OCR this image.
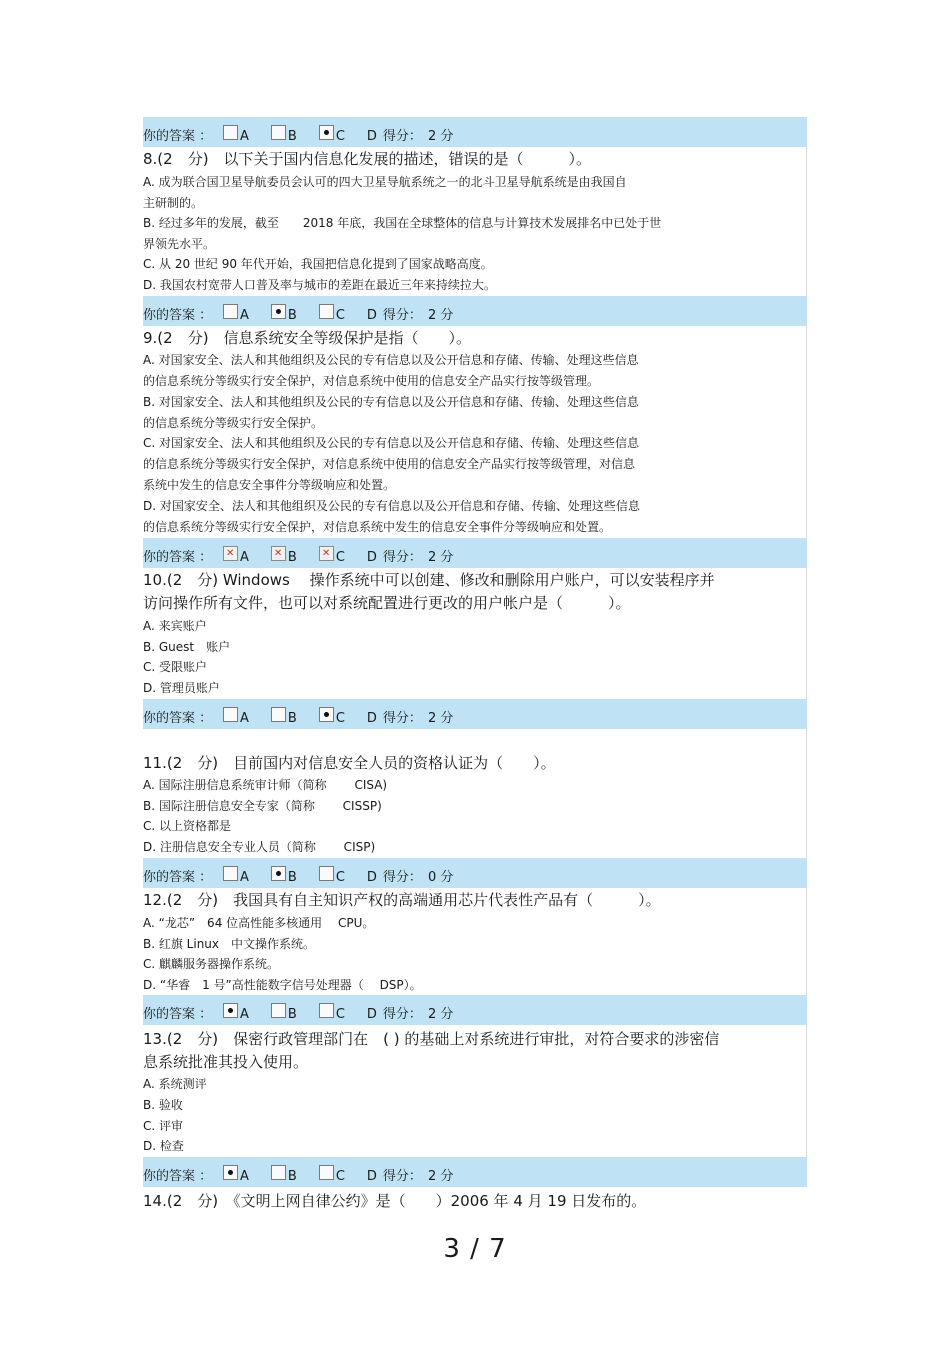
你的答案 ：	A	B	C D 得分： 2 分
8.(2　分)　以下关于国内信息化发展的描述，错误的是（　　　）。
A. 成为联合国卫星导航委员会认可的四大卫星导航系统之一的北斗卫星导航系统是由我国自
主研制的。
B. 经过多年的发展，截至　　2018 年底，我国在全球整体的信息与计算技术发展排名中已处于世
界领先水平。
C. 从 20 世纪 90 年代开始，我国把信息化提到了国家战略高度。
D. 我国农村宽带人口普及率与城市的差距在最近三年来持续拉大。
你的答案 ：	A	B	C D 得分： 2 分
9.(2　分)　信息系统安全等级保护是指（　　）。
A. 对国家安全、法人和其他组织及公民的专有信息以及公开信息和存储、传输、处理这些信息
的信息系统分等级实行安全保护，对信息系统中使用的信息安全产品实行按等级管理。
B. 对国家安全、法人和其他组织及公民的专有信息以及公开信息和存储、传输、处理这些信息
的信息系统分等级实行安全保护。
C. 对国家安全、法人和其他组织及公民的专有信息以及公开信息和存储、传输、处理这些信息
的信息系统分等级实行安全保护，对信息系统中使用的信息安全产品实行按等级管理，对信息
系统中发生的信息安全事件分等级响应和处置。
D. 对国家安全、法人和其他组织及公民的专有信息以及公开信息和存储、传输、处理这些信息
的信息系统分等级实行安全保护，对信息系统中发生的信息安全事件分等级响应和处置。
你的答案 ： ✕	A ✕	B ✕	C D 得分： 2 分
10.(2　分) Windows　 操作系统中可以创建、修改和删除用户账户，可以安装程序并
访问操作所有文件，也可以对系统配置进行更改的用户帐户是（　　　）。
A. 来宾账户
B. Guest　账户
C. 受限账户
D. 管理员账户
你的答案 ：	A	B	C D 得分： 2 分
11.(2　分)　目前国内对信息安全人员的资格认证为（　　）。
A. 国际注册信息系统审计师（简称　　 CISA)
B. 国际注册信息安全专家（简称　　 CISSP)
C. 以上资格都是
D. 注册信息安全专业人员（简称　　 CISP)
你的答案 ：	A	B	C D 得分： 0 分
12.(2　分)　我国具有自主知识产权的高端通用芯片代表性产品有（　　　）。
A. “龙芯”　64 位高性能多核通用　 CPU。
B. 红旗 Linux　中文操作系统。
C. 麒麟服务器操作系统。
D. “华睿　1 号”高性能数字信号处理器（　 DSP）。
你的答案 ：	A	B	C D 得分： 2 分
13.(2　分)　保密行政管理部门在　( ) 的基础上对系统进行审批，对符合要求的涉密信
息系统批准其投入使用。
A. 系统测评
B. 验收
C. 评审
D. 检查
你的答案 ：	A	B	C D 得分： 2 分
14.(2　分)　《文明上网自律公约》是（　　）2006 年 4 月 19 日发布的。
3 / 7
